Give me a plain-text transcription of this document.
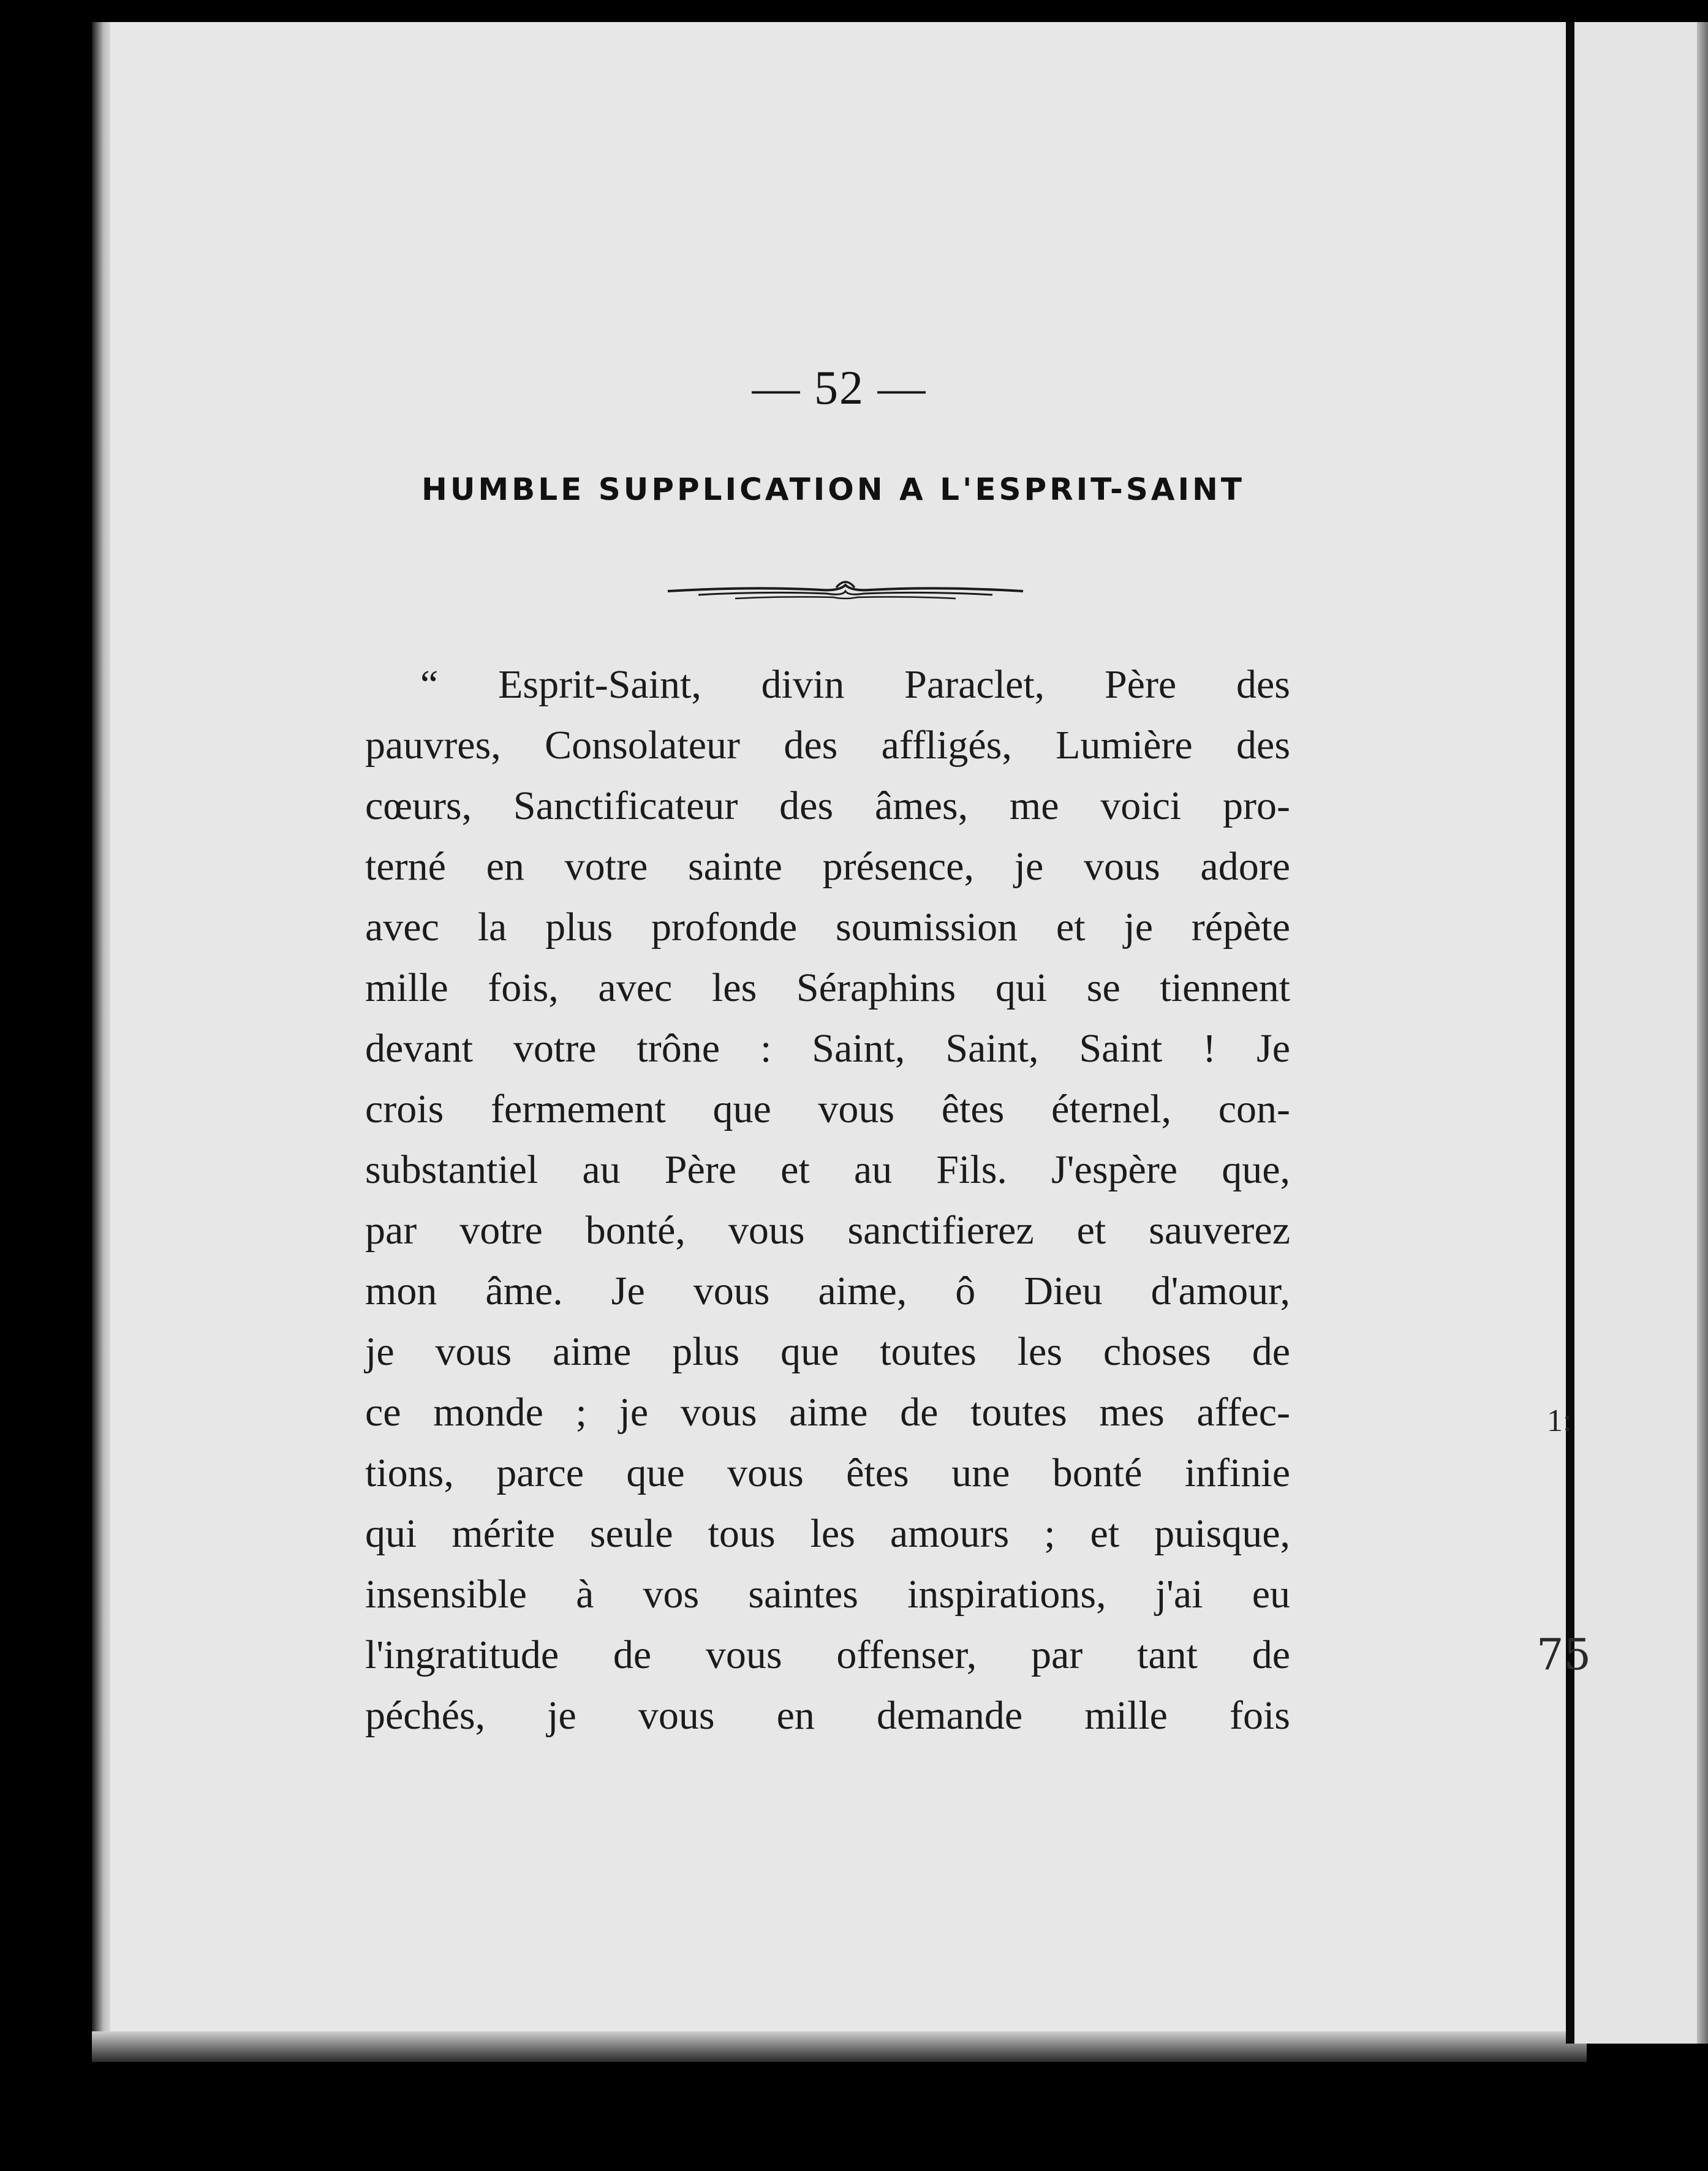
— 52 —
HUMBLE SUPPLICATION A L'ESPRIT-SAINT
“ Esprit-Saint, divin Paraclet, Père des
pauvres, Consolateur des affligés, Lumière des
cœurs, Sanctificateur des âmes, me voici pro-
terné en votre sainte présence, je vous adore
avec la plus profonde soumission et je répète
mille fois, avec les Séraphins qui se tiennent
devant votre trône : Saint, Saint, Saint ! Je
crois fermement que vous êtes éternel, con-
substantiel au Père et au Fils. J'espère que,
par votre bonté, vous sanctifierez et sauverez
mon âme. Je vous aime, ô Dieu d'amour,
je vous aime plus que toutes les choses de
ce monde ; je vous aime de toutes mes affec-
tions, parce que vous êtes une bonté infinie
qui mérite seule tous les amours ; et puisque,
insensible à vos saintes inspirations, j'ai eu
l'ingratitude de vous offenser, par tant de
péchés, je vous en demande mille fois
1:
75
